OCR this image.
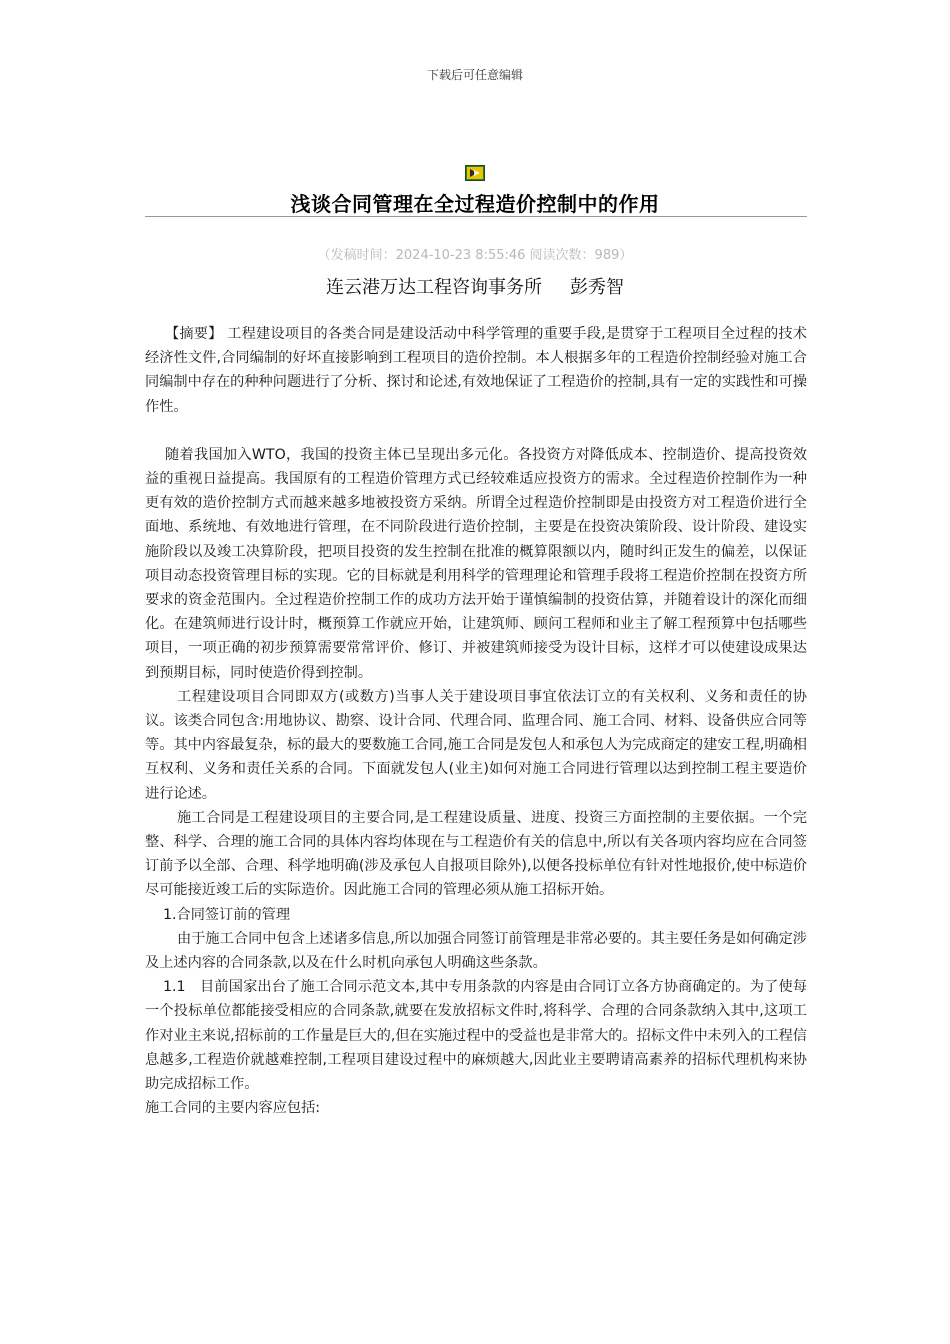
下载后可任意编辑
浅谈合同管理在全过程造价控制中的作用
（发稿时间：2024-10-23 8:55:46 阅读次数：989）
连云港万达工程咨询事务所 彭秀智

【摘要】 工程建设项目的各类合同是建设活动中科学管理的重要手段,是贯穿于工程项目全过程的技术经济性文件,合同编制的好坏直接影响到工程项目的造价控制。本人根据多年的工程造价控制经验对施工合同编制中存在的种种问题进行了分析、探讨和论述,有效地保证了工程造价的控制,具有一定的实践性和可操作性。

随着我国加入WTO，我国的投资主体已呈现出多元化。各投资方对降低成本、控制造价、提高投资效益的重视日益提高。我国原有的工程造价管理方式已经较难适应投资方的需求。全过程造价控制作为一种更有效的造价控制方式而越来越多地被投资方采纳。所谓全过程造价控制即是由投资方对工程造价进行全面地、系统地、有效地进行管理，在不同阶段进行造价控制，主要是在投资决策阶段、设计阶段、建设实施阶段以及竣工决算阶段，把项目投资的发生控制在批准的概算限额以内，随时纠正发生的偏差，以保证项目动态投资管理目标的实现。它的目标就是利用科学的管理理论和管理手段将工程造价控制在投资方所要求的资金范围内。全过程造价控制工作的成功方法开始于谨慎编制的投资估算，并随着设计的深化而细化。在建筑师进行设计时，概预算工作就应开始，让建筑师、顾问工程师和业主了解工程预算中包括哪些项目，一项正确的初步预算需要常常评价、修订、并被建筑师接受为设计目标，这样才可以使建设成果达到预期目标，同时使造价得到控制。

工程建设项目合同即双方(或数方)当事人关于建设项目事宜依法订立的有关权利、义务和责任的协议。该类合同包含:用地协议、勘察、设计合同、代理合同、监理合同、施工合同、材料、设备供应合同等等。其中内容最复杂，标的最大的要数施工合同,施工合同是发包人和承包人为完成商定的建安工程,明确相互权利、义务和责任关系的合同。下面就发包人(业主)如何对施工合同进行管理以达到控制工程主要造价进行论述。

施工合同是工程建设项目的主要合同,是工程建设质量、进度、投资三方面控制的主要依据。一个完整、科学、合理的施工合同的具体内容均体现在与工程造价有关的信息中,所以有关各项内容均应在合同签订前予以全部、合理、科学地明确(涉及承包人自报项目除外),以便各投标单位有针对性地报价,使中标造价尽可能接近竣工后的实际造价。因此施工合同的管理必须从施工招标开始。

1.合同签订前的管理

由于施工合同中包含上述诸多信息,所以加强合同签订前管理是非常必要的。其主要任务是如何确定涉及上述内容的合同条款,以及在什么时机向承包人明确这些条款。

1.1　目前国家出台了施工合同示范文本,其中专用条款的内容是由合同订立各方协商确定的。为了使每一个投标单位都能接受相应的合同条款,就要在发放招标文件时,将科学、合理的合同条款纳入其中,这项工作对业主来说,招标前的工作量是巨大的,但在实施过程中的受益也是非常大的。招标文件中未列入的工程信息越多,工程造价就越难控制,工程项目建设过程中的麻烦越大,因此业主要聘请高素养的招标代理机构来协助完成招标工作。

施工合同的主要内容应包括:
